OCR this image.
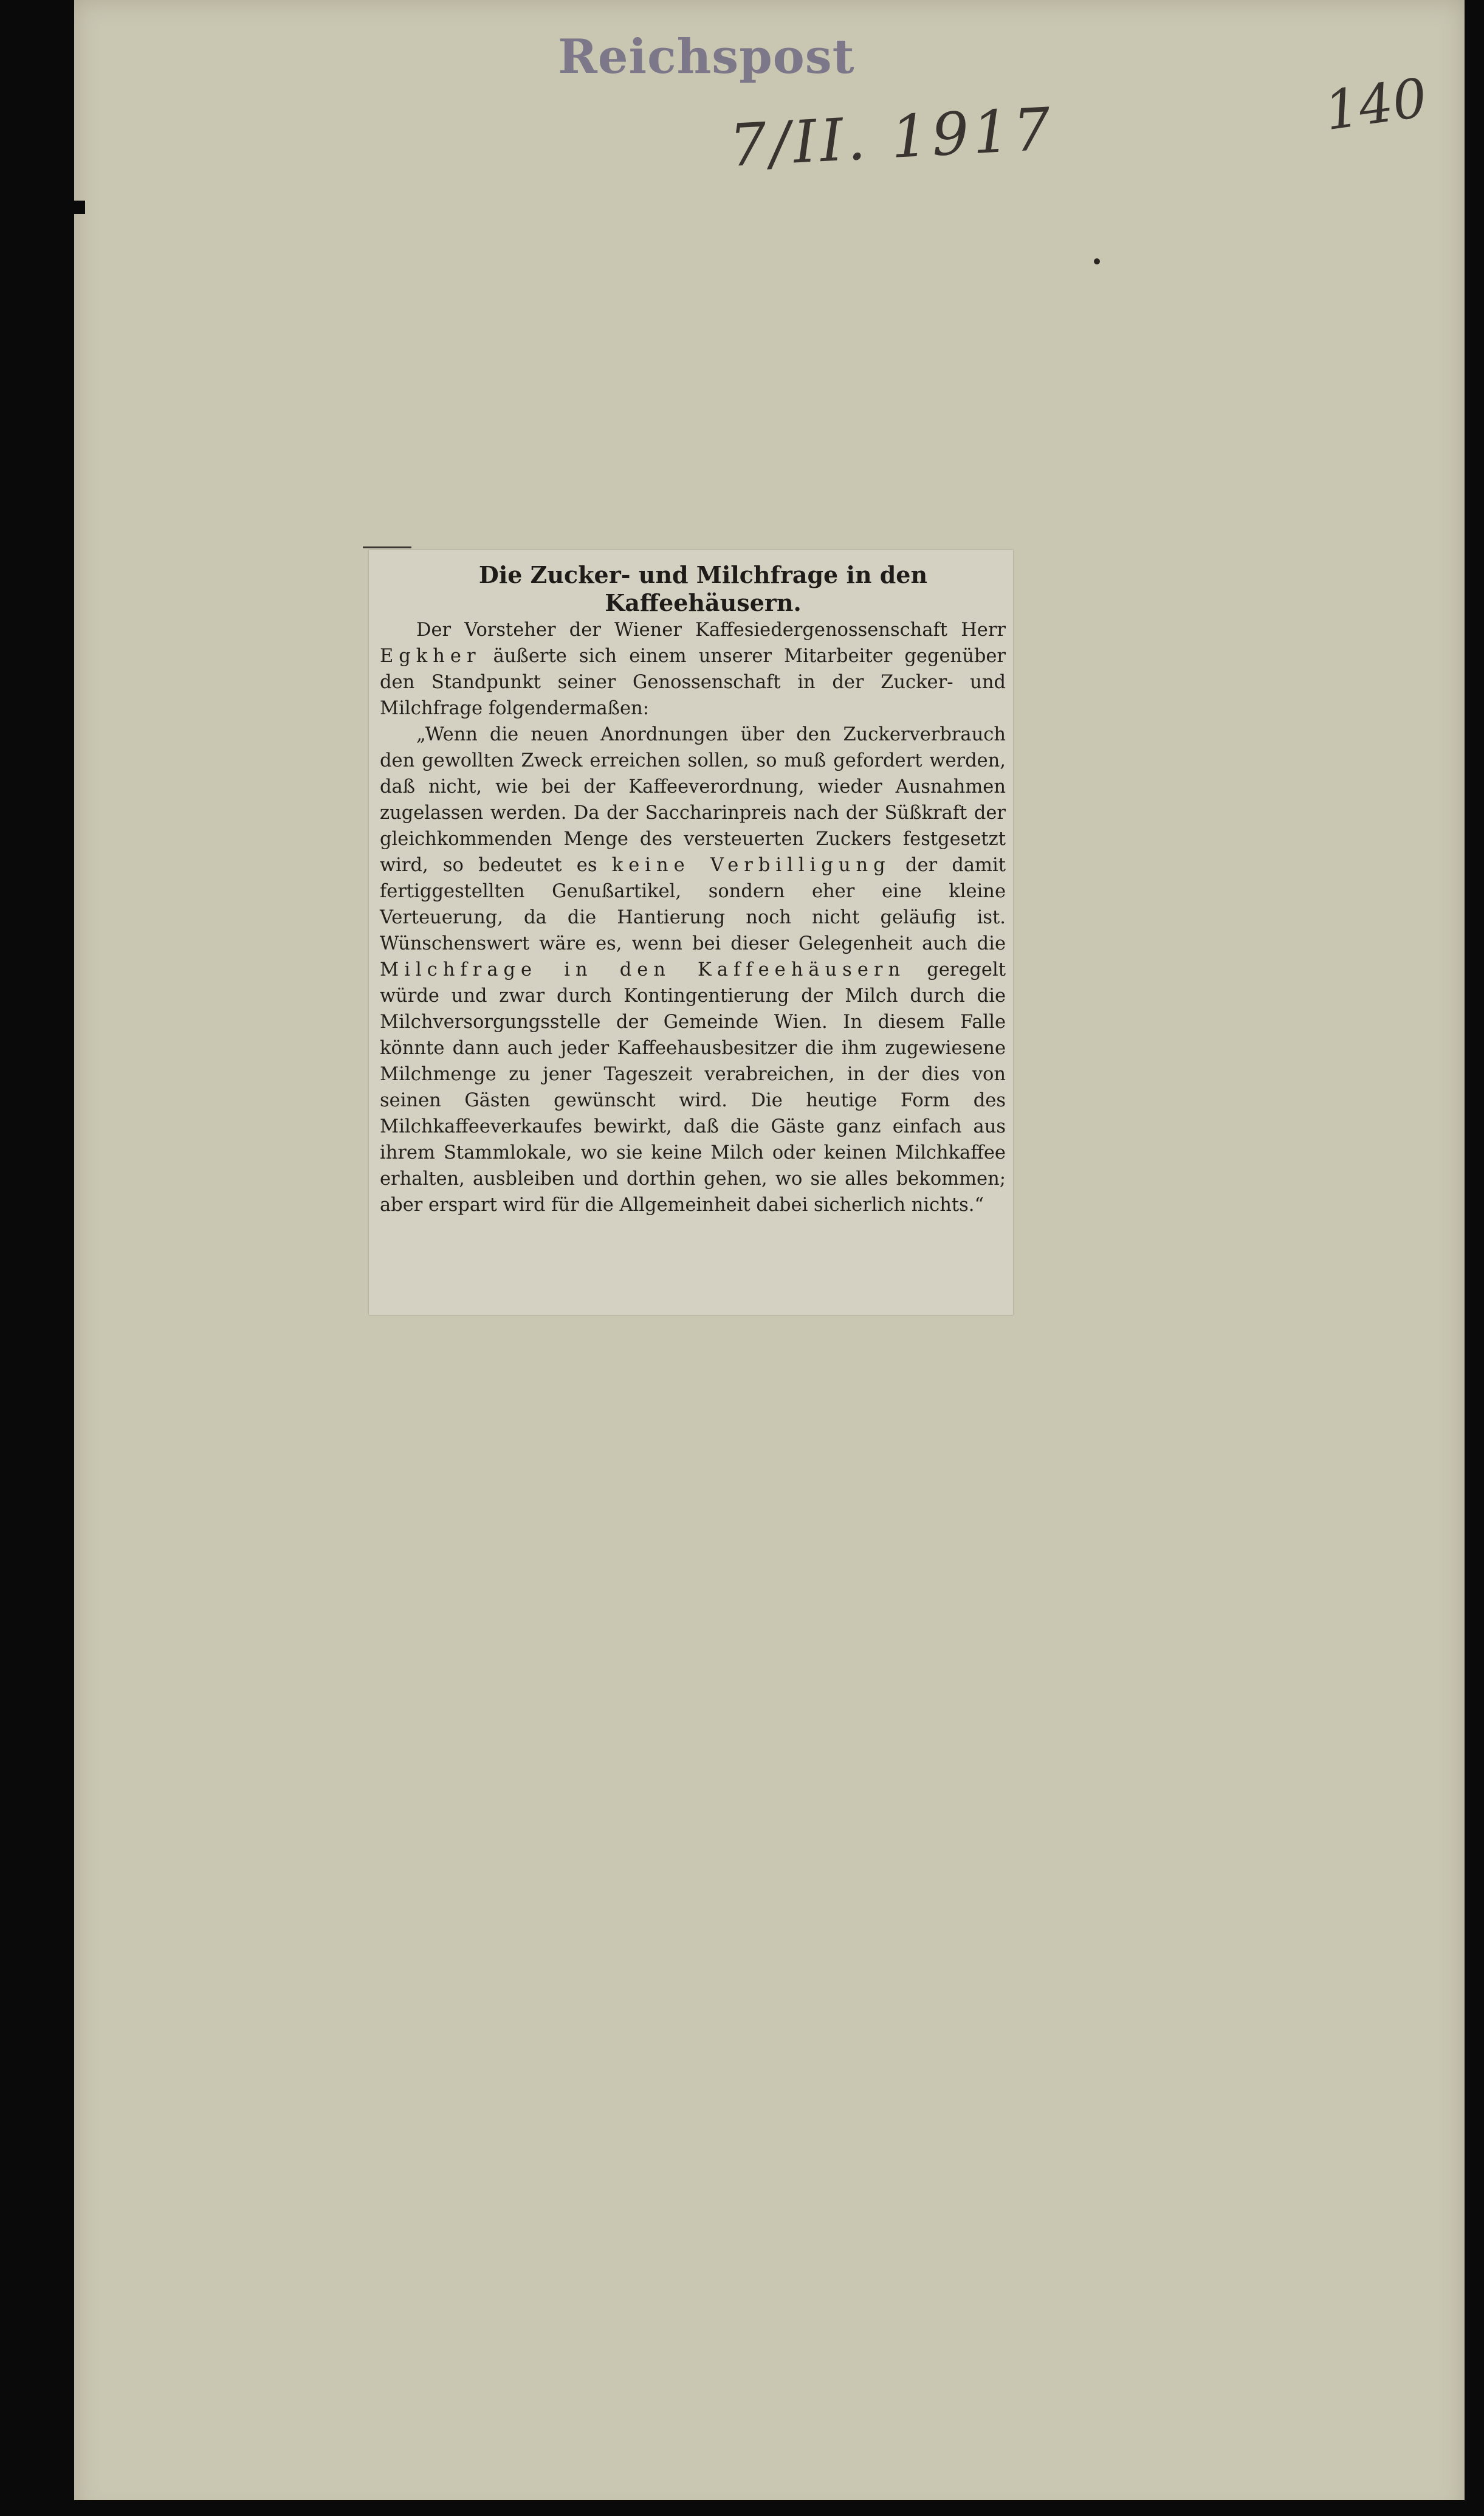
Reichspost
7/II. 1917	140
Die Zucker- und Milchfrage in den Kaffeehäusern.

Der Vorsteher der Wiener Kaffesiedergenossenschaft Herr Egkher äußerte sich einem unserer Mitarbeiter gegenüber den Standpunkt seiner Genossenschaft in der Zucker- und Milchfrage folgendermaßen:

„Wenn die neuen Anordnungen über den Zuckerverbrauch den gewollten Zweck erreichen sollen, so muß gefordert werden, daß nicht, wie bei der Kaffeeverordnung, wieder Ausnahmen zugelassen werden. Da der Saccharinpreis nach der Süßkraft der gleichkommenden Menge des versteuerten Zuckers festgesetzt wird, so bedeutet es keine Verbilligung der damit fertiggestellten Genußartikel, sondern eher eine kleine Verteuerung, da die Hantierung noch nicht geläufig ist. Wünschenswert wäre es, wenn bei dieser Gelegenheit auch die Milchfrage in den Kaffeehäusern geregelt würde und zwar durch Kontingentierung der Milch durch die Milchversorgungsstelle der Gemeinde Wien. In diesem Falle könnte dann auch jeder Kaffeehausbesitzer die ihm zugewiesene Milchmenge zu jener Tageszeit verabreichen, in der dies von seinen Gästen gewünscht wird. Die heutige Form des Milchkaffeeverkaufes bewirkt, daß die Gäste ganz einfach aus ihrem Stammlokale, wo sie keine Milch oder keinen Milchkaffee erhalten, ausbleiben und dorthin gehen, wo sie alles bekommen; aber erspart wird für die Allgemeinheit dabei sicherlich nichts.“
